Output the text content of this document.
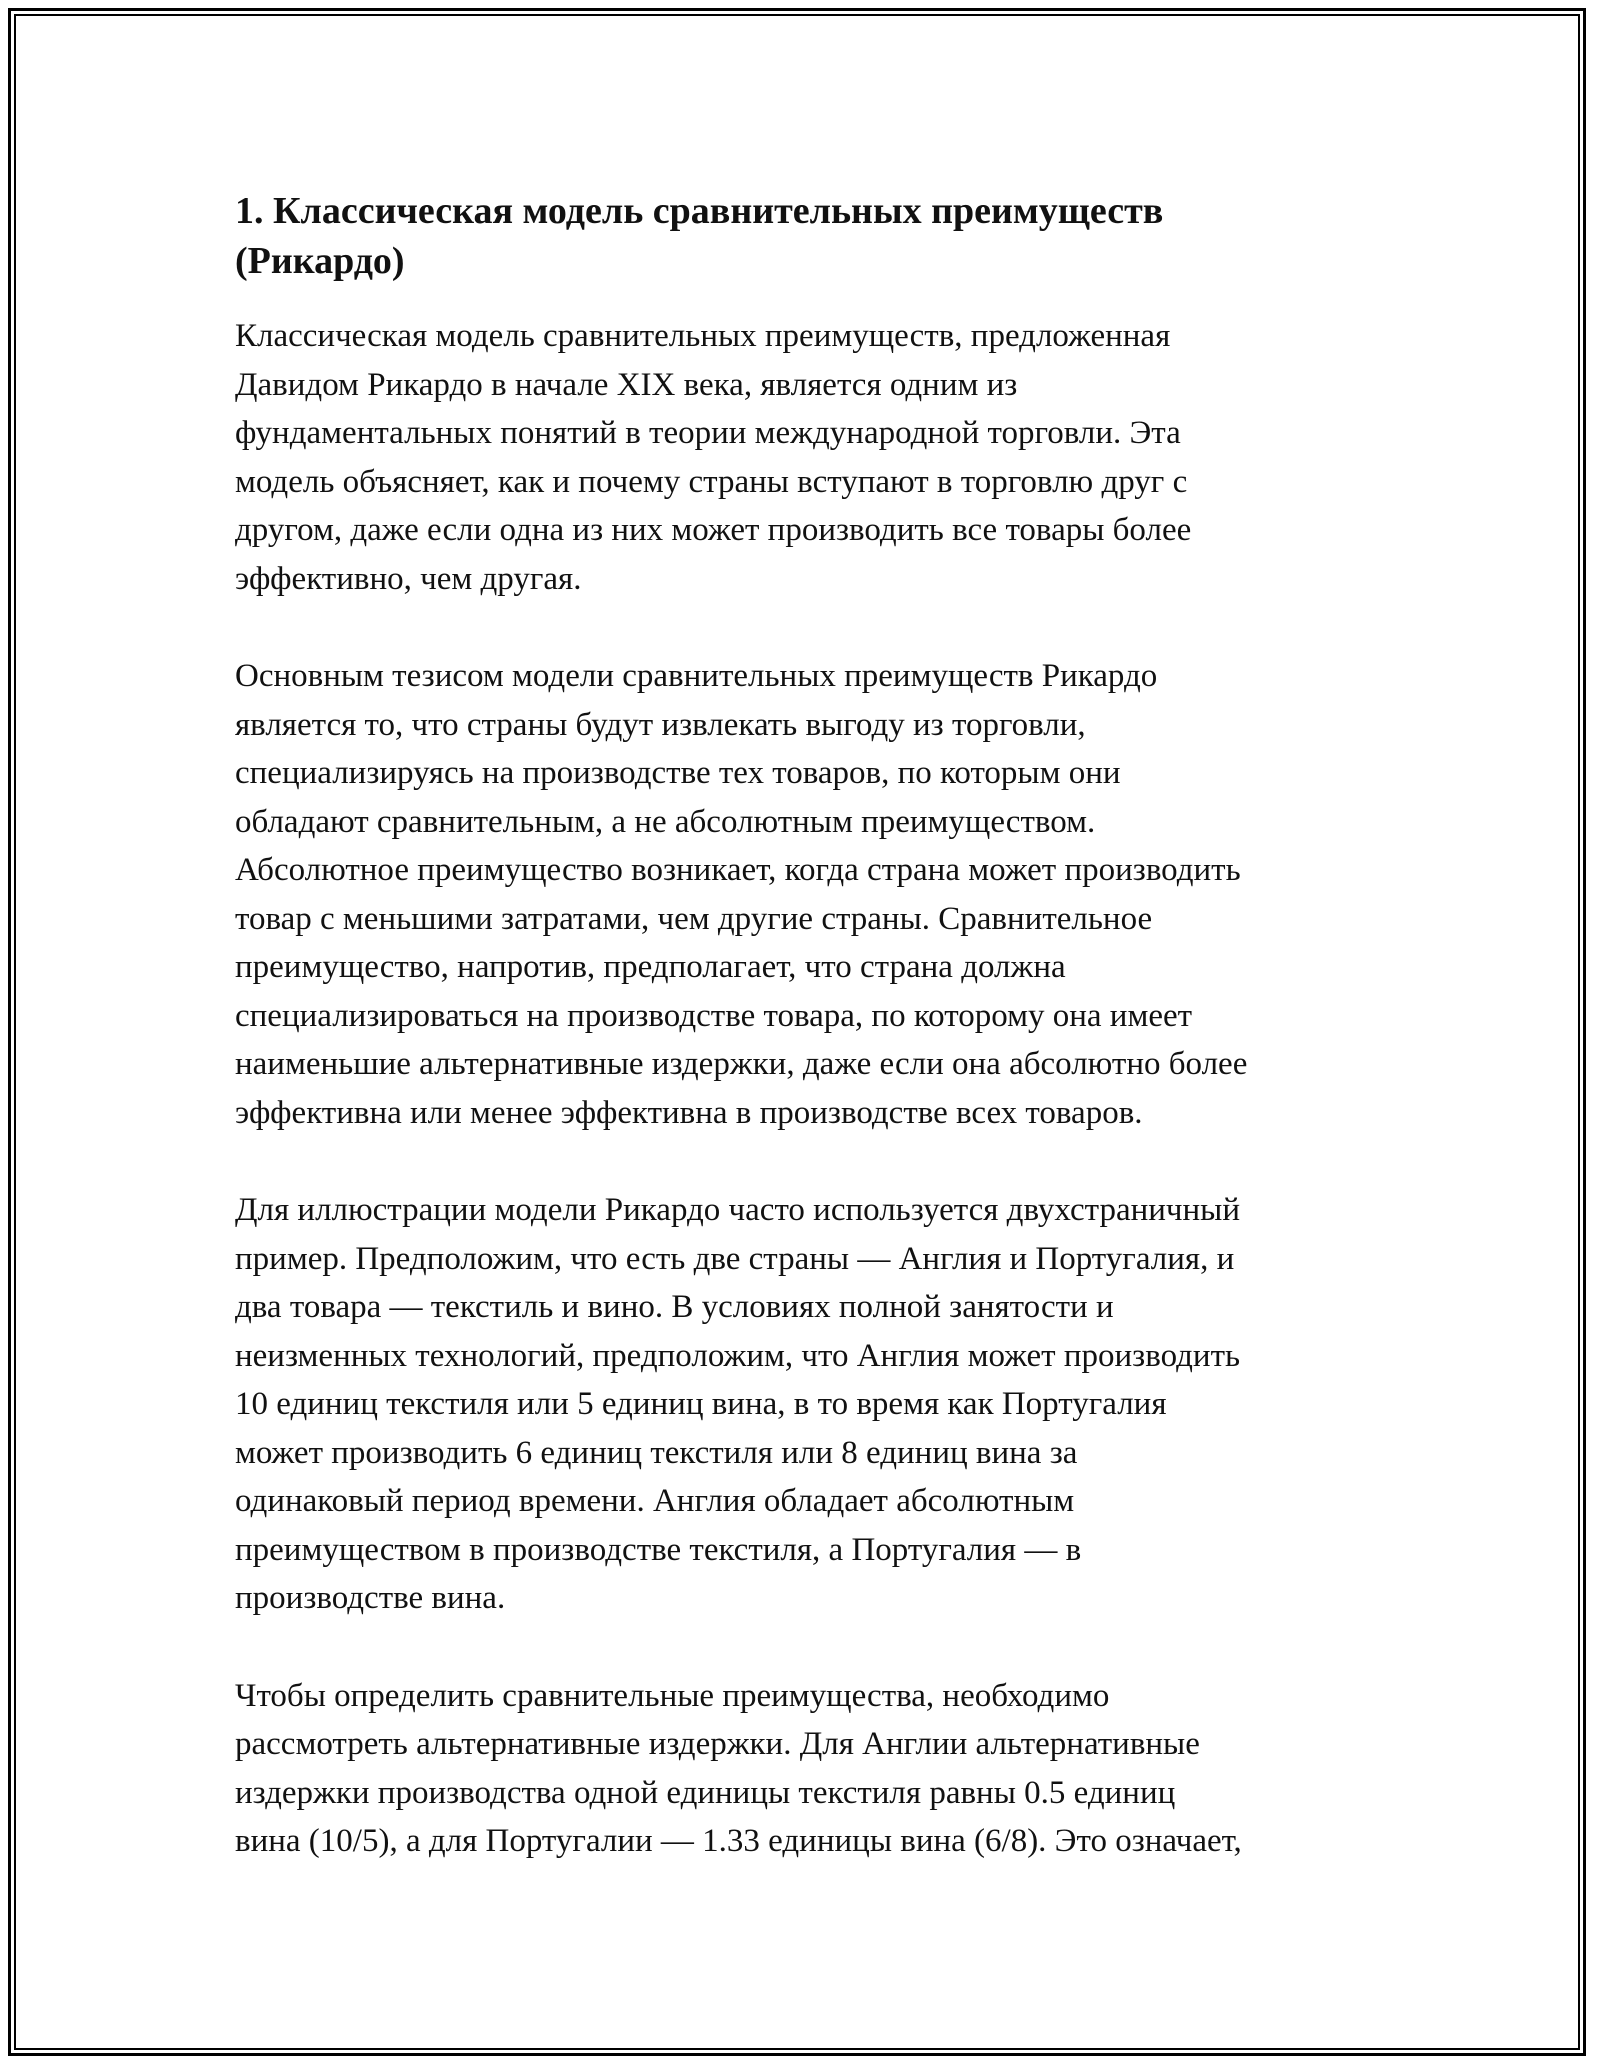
1. Классическая модель сравнительных преимуществ
(Рикардо)

Классическая модель сравнительных преимуществ, предложенная
Давидом Рикардо в начале XIX века, является одним из
фундаментальных понятий в теории международной торговли. Эта
модель объясняет, как и почему страны вступают в торговлю друг с
другом, даже если одна из них может производить все товары более
эффективно, чем другая.

Основным тезисом модели сравнительных преимуществ Рикардо
является то, что страны будут извлекать выгоду из торговли,
специализируясь на производстве тех товаров, по которым они
обладают сравнительным, а не абсолютным преимуществом.
Абсолютное преимущество возникает, когда страна может производить
товар с меньшими затратами, чем другие страны. Сравнительное
преимущество, напротив, предполагает, что страна должна
специализироваться на производстве товара, по которому она имеет
наименьшие альтернативные издержки, даже если она абсолютно более
эффективна или менее эффективна в производстве всех товаров.

Для иллюстрации модели Рикардо часто используется двухстраничный
пример. Предположим, что есть две страны — Англия и Португалия, и
два товара — текстиль и вино. В условиях полной занятости и
неизменных технологий, предположим, что Англия может производить
10 единиц текстиля или 5 единиц вина, в то время как Португалия
может производить 6 единиц текстиля или 8 единиц вина за
одинаковый период времени. Англия обладает абсолютным
преимуществом в производстве текстиля, а Португалия — в
производстве вина.

Чтобы определить сравнительные преимущества, необходимо
рассмотреть альтернативные издержки. Для Англии альтернативные
издержки производства одной единицы текстиля равны 0.5 единиц
вина (10/5), а для Португалии — 1.33 единицы вина (6/8). Это означает,
